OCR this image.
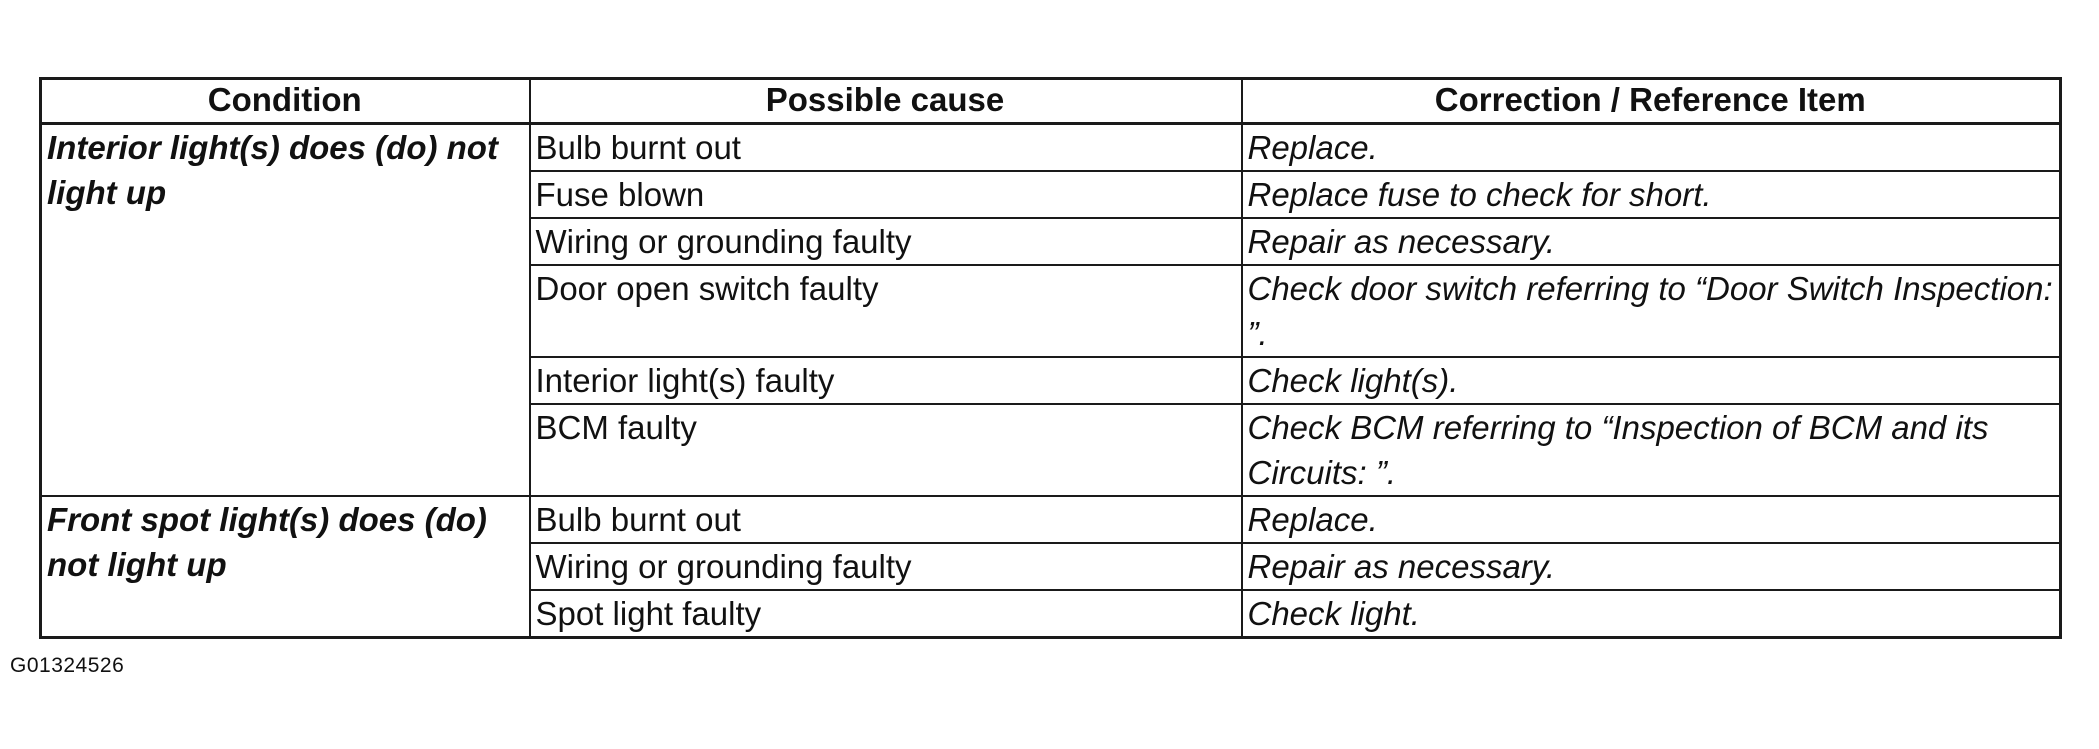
Condition	Possible cause	Correction / Reference Item
Interior light(s) does (do) not light up	Bulb burnt out	Replace.
	Fuse blown	Replace fuse to check for short.
	Wiring or grounding faulty	Repair as necessary.
	Door open switch faulty	Check door switch referring to “Door Switch Inspection: ”.
	Interior light(s) faulty	Check light(s).
	BCM faulty	Check BCM referring to “Inspection of BCM and its Circuits: ”.
Front spot light(s) does (do) not light up	Bulb burnt out	Replace.
	Wiring or grounding faulty	Repair as necessary.
	Spot light faulty	Check light.
G01324526
